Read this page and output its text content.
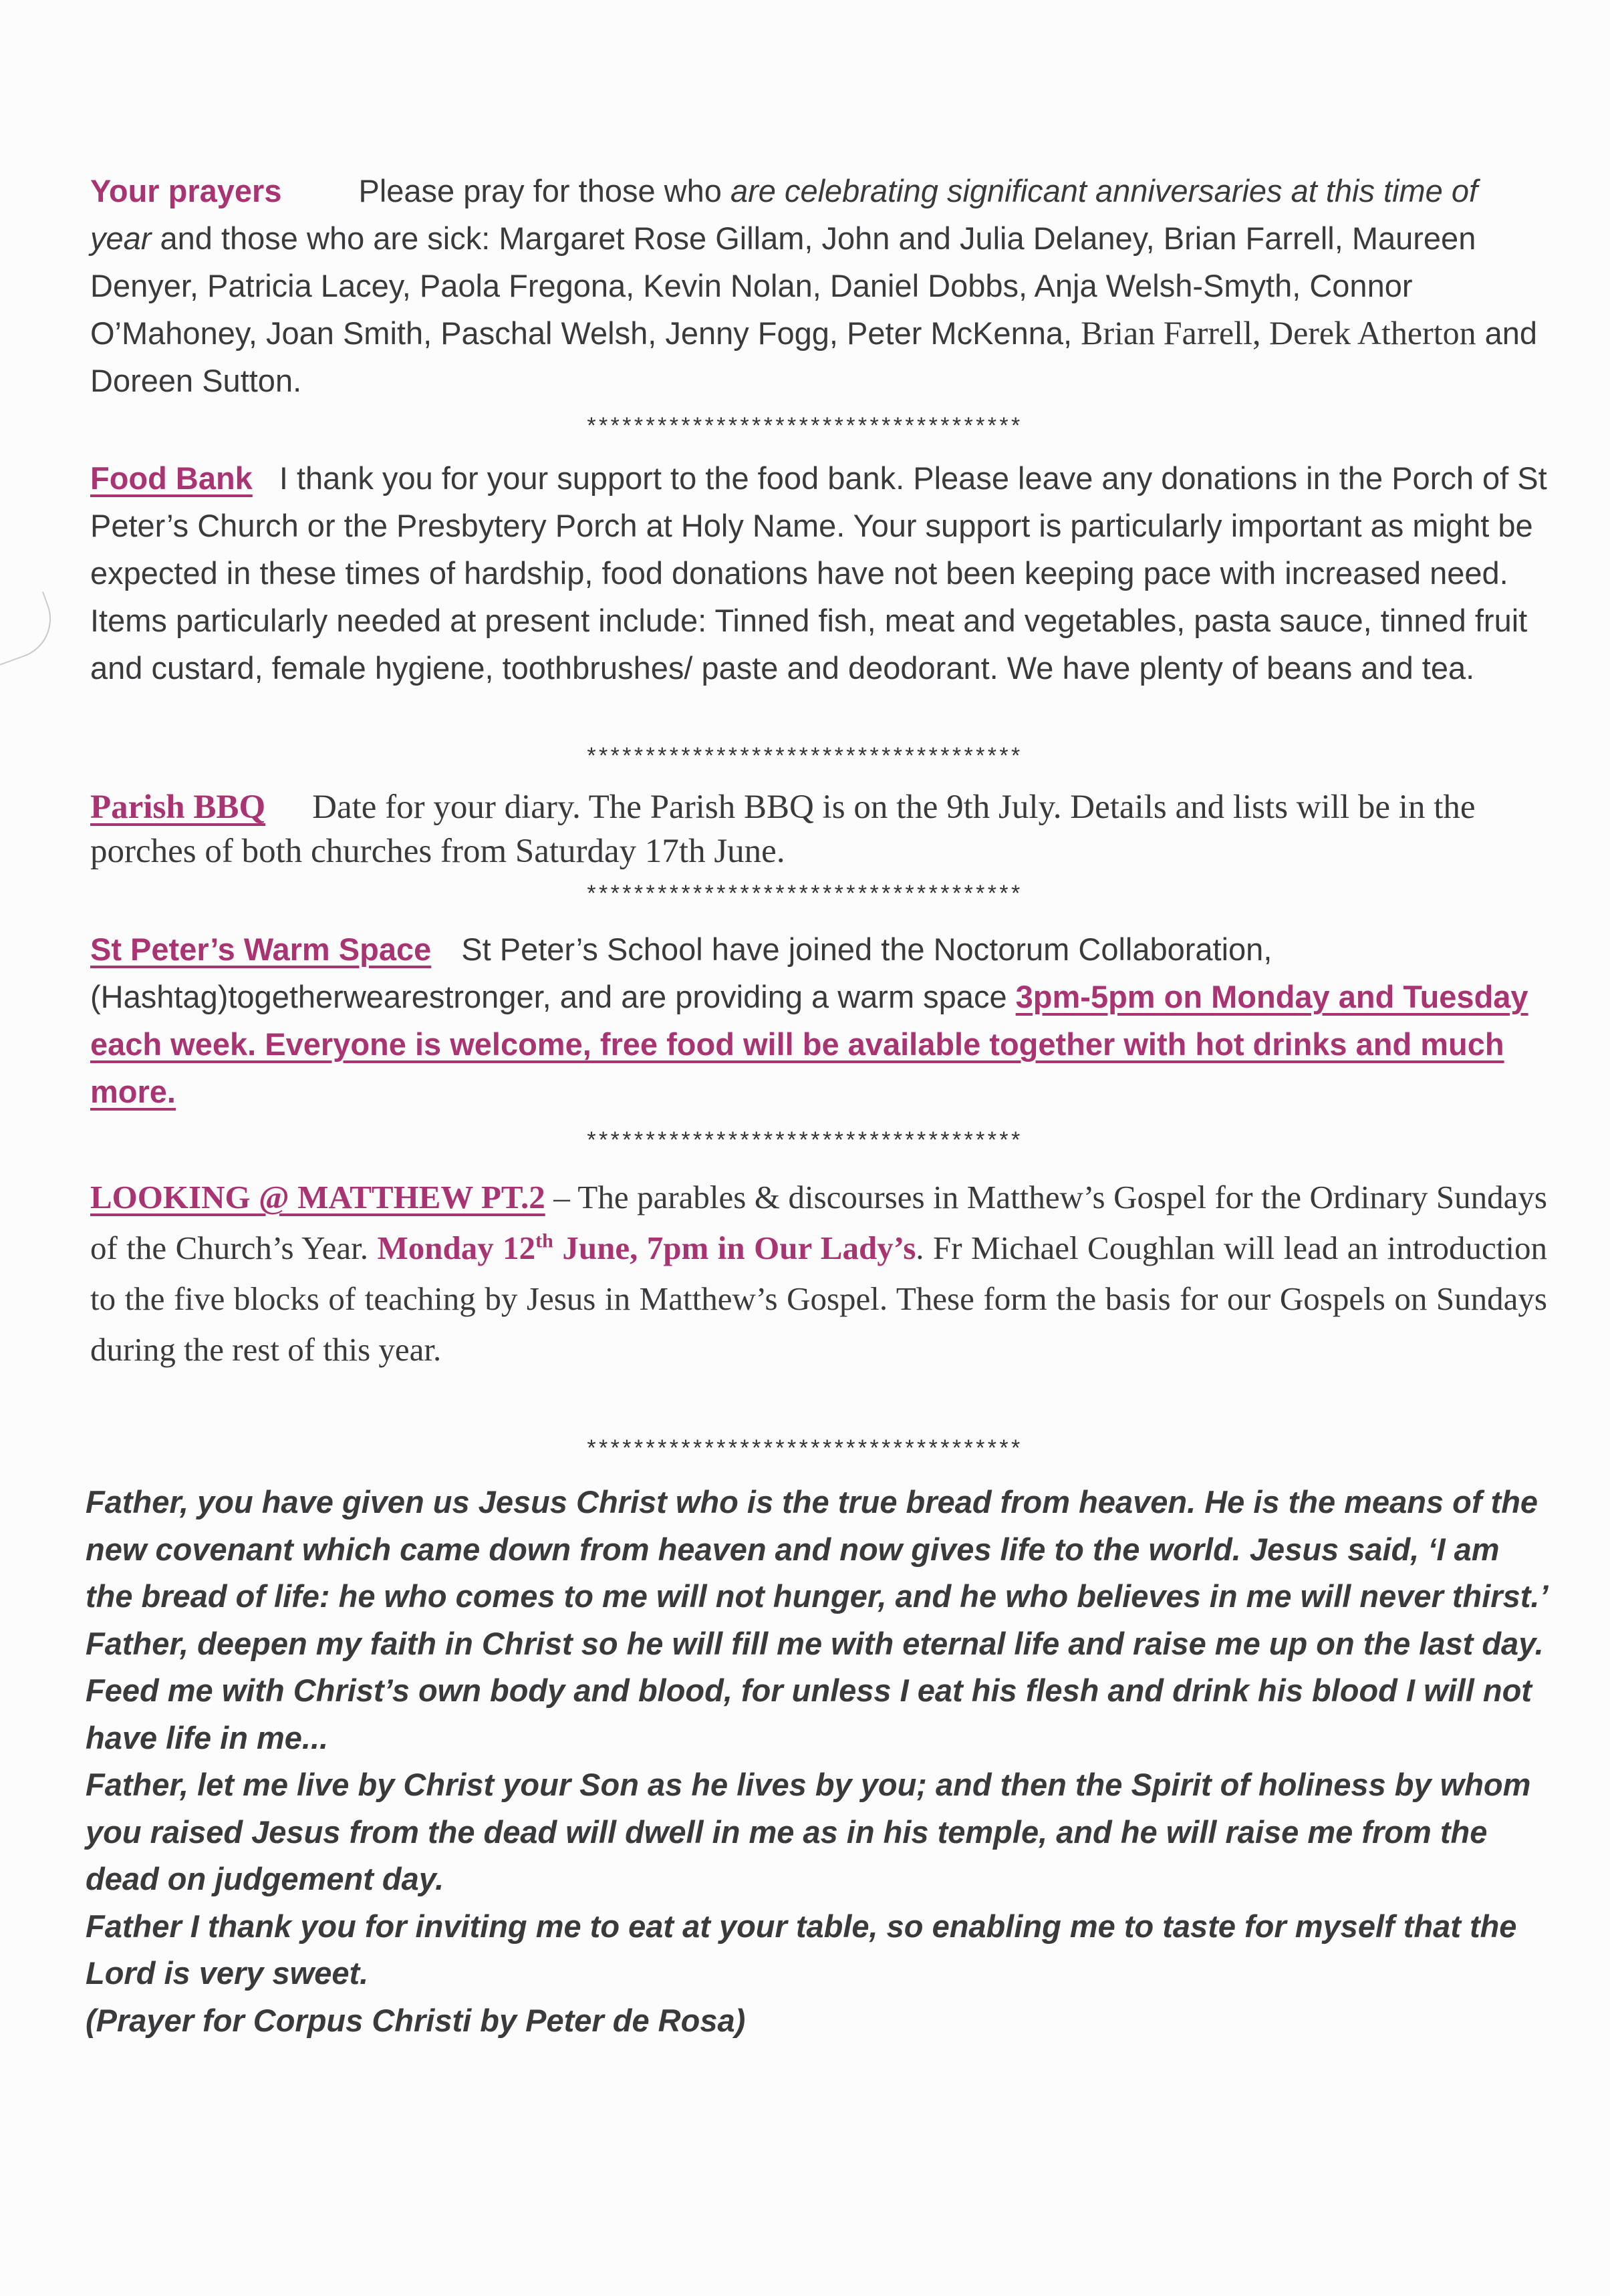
Your prayers Please pray for those who are celebrating significant anniversaries at this time of year and those who are sick: Margaret Rose Gillam, John and Julia Delaney, Brian Farrell, Maureen Denyer, Patricia Lacey, Paola Fregona, Kevin Nolan, Daniel Dobbs, Anja Welsh-Smyth, Connor O’Mahoney, Joan Smith, Paschal Welsh, Jenny Fogg, Peter McKenna, Brian Farrell, Derek Atherton and Doreen Sutton.

*************************************

Food Bank I thank you for your support to the food bank. Please leave any donations in the Porch of St Peter’s Church or the Presbytery Porch at Holy Name. Your support is particularly important as might be expected in these times of hardship, food donations have not been keeping pace with increased need. Items particularly needed at present include: Tinned fish, meat and vegetables, pasta sauce, tinned fruit and custard, female hygiene, toothbrushes/ paste and deodorant. We have plenty of beans and tea.

*************************************

Parish BBQ Date for your diary. The Parish BBQ is on the 9th July. Details and lists will be in the porches of both churches from Saturday 17th June.

*************************************

St Peter’s Warm Space St Peter’s School have joined the Noctorum Collaboration, (Hashtag)togetherwearestronger, and are providing a warm space 3pm-5pm on Monday and Tuesday each week. Everyone is welcome, free food will be available together with hot drinks and much more.

*************************************

LOOKING @ MATTHEW PT.2 – The parables & discourses in Matthew’s Gospel for the Ordinary Sundays of the Church’s Year. Monday 12th June, 7pm in Our Lady’s. Fr Michael Coughlan will lead an introduction to the five blocks of teaching by Jesus in Matthew’s Gospel. These form the basis for our Gospels on Sundays during the rest of this year.

*************************************

Father, you have given us Jesus Christ who is the true bread from heaven. He is the means of the new covenant which came down from heaven and now gives life to the world. Jesus said, ‘I am the bread of life: he who comes to me will not hunger, and he who believes in me will never thirst.’

Father, deepen my faith in Christ so he will fill me with eternal life and raise me up on the last day. Feed me with Christ’s own body and blood, for unless I eat his flesh and drink his blood I will not have life in me...

Father, let me live by Christ your Son as he lives by you; and then the Spirit of holiness by whom you raised Jesus from the dead will dwell in me as in his temple, and he will raise me from the dead on judgement day.

Father I thank you for inviting me to eat at your table, so enabling me to taste for myself that the Lord is very sweet.

(Prayer for Corpus Christi by Peter de Rosa)
